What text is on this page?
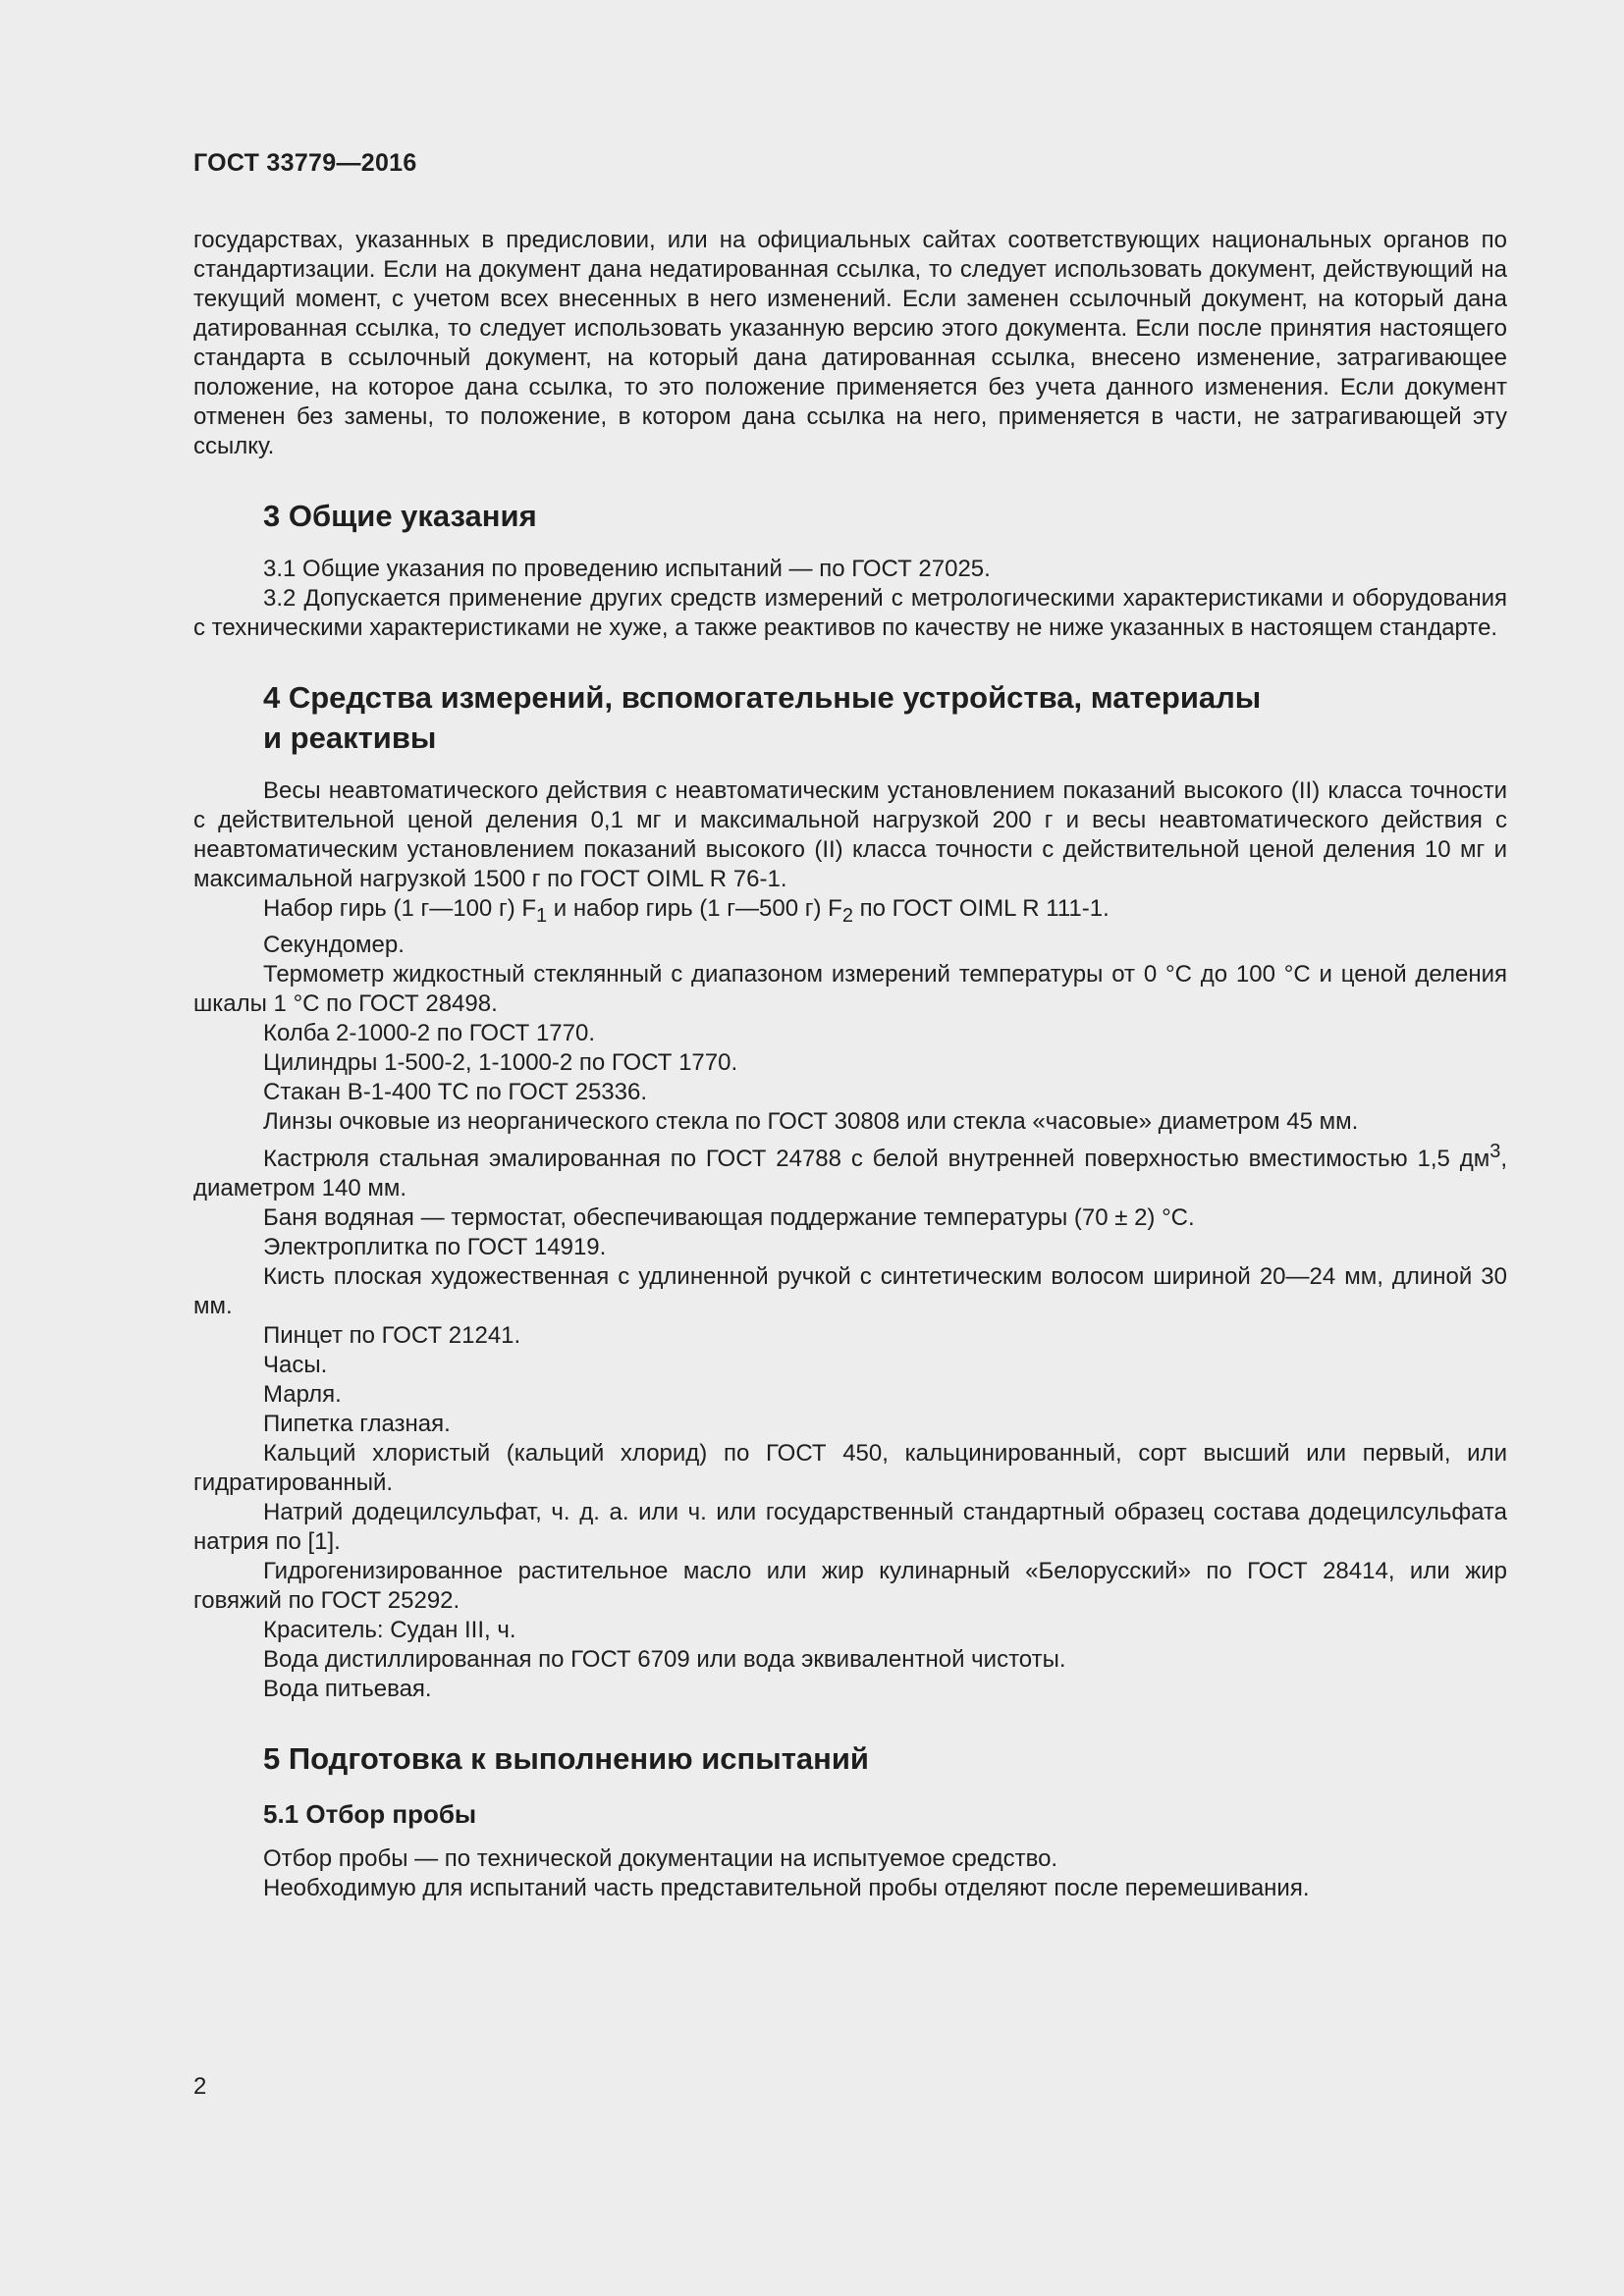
ГОСТ 33779—2016

государствах, указанных в предисловии, или на официальных сайтах соответствующих национальных органов по стандартизации. Если на документ дана недатированная ссылка, то следует использовать документ, действующий на текущий момент, с учетом всех внесенных в него изменений. Если заменен ссылочный документ, на который дана датированная ссылка, то следует использовать указанную версию этого документа. Если после принятия настоящего стандарта в ссылочный документ, на который дана датированная ссылка, внесено изменение, затрагивающее положение, на которое дана ссылка, то это положение применяется без учета данного изменения. Если документ отменен без замены, то положение, в котором дана ссылка на него, применяется в части, не затрагивающей эту ссылку.

3 Общие указания

3.1 Общие указания по проведению испытаний — по ГОСТ 27025.

3.2 Допускается применение других средств измерений с метрологическими характеристиками и оборудования с техническими характеристиками не хуже, а также реактивов по качеству не ниже указанных в настоящем стандарте.

4 Средства измерений, вспомогательные устройства, материалы
и реактивы

Весы неавтоматического действия с неавтоматическим установлением показаний высокого (II) класса точности с действительной ценой деления 0,1 мг и максимальной нагрузкой 200 г и весы неавтоматического действия с неавтоматическим установлением показаний высокого (II) класса точности с действительной ценой деления 10 мг и максимальной нагрузкой 1500 г по ГОСТ OIML R 76-1.

Набор гирь (1 г—100 г) $F_1$ и набор гирь (1 г—500 г) $F_2$ по ГОСТ OIML R 111-1.

Секундомер.

Термометр жидкостный стеклянный с диапазоном измерений температуры от 0 °С до 100 °С и ценой деления шкалы 1 °С по ГОСТ 28498.

Колба 2-1000-2 по ГОСТ 1770.

Цилиндры 1-500-2, 1-1000-2 по ГОСТ 1770.

Стакан В-1-400 ТС по ГОСТ 25336.

Линзы очковые из неорганического стекла по ГОСТ 30808 или стекла «часовые» диаметром 45 мм.

Кастрюля стальная эмалированная по ГОСТ 24788 с белой внутренней поверхностью вместимостью 1,5 $дм^3$, диаметром 140 мм.

Баня водяная — термостат, обеспечивающая поддержание температуры (70 ± 2) °С.

Электроплитка по ГОСТ 14919.

Кисть плоская художественная с удлиненной ручкой с синтетическим волосом шириной 20—24 мм, длиной 30 мм.

Пинцет по ГОСТ 21241.

Часы.

Марля.

Пипетка глазная.

Кальций хлористый (кальций хлорид) по ГОСТ 450, кальцинированный, сорт высший или первый, или гидратированный.

Натрий додецилсульфат, ч. д. а. или ч. или государственный стандартный образец состава додецилсульфата натрия по [1].

Гидрогенизированное растительное масло или жир кулинарный «Белорусский» по ГОСТ 28414, или жир говяжий по ГОСТ 25292.

Краситель: Судан III, ч.

Вода дистиллированная по ГОСТ 6709 или вода эквивалентной чистоты.

Вода питьевая.

5 Подготовка к выполнению испытаний
5.1 Отбор пробы

Отбор пробы — по технической документации на испытуемое средство.

Необходимую для испытаний часть представительной пробы отделяют после перемешивания.

2
